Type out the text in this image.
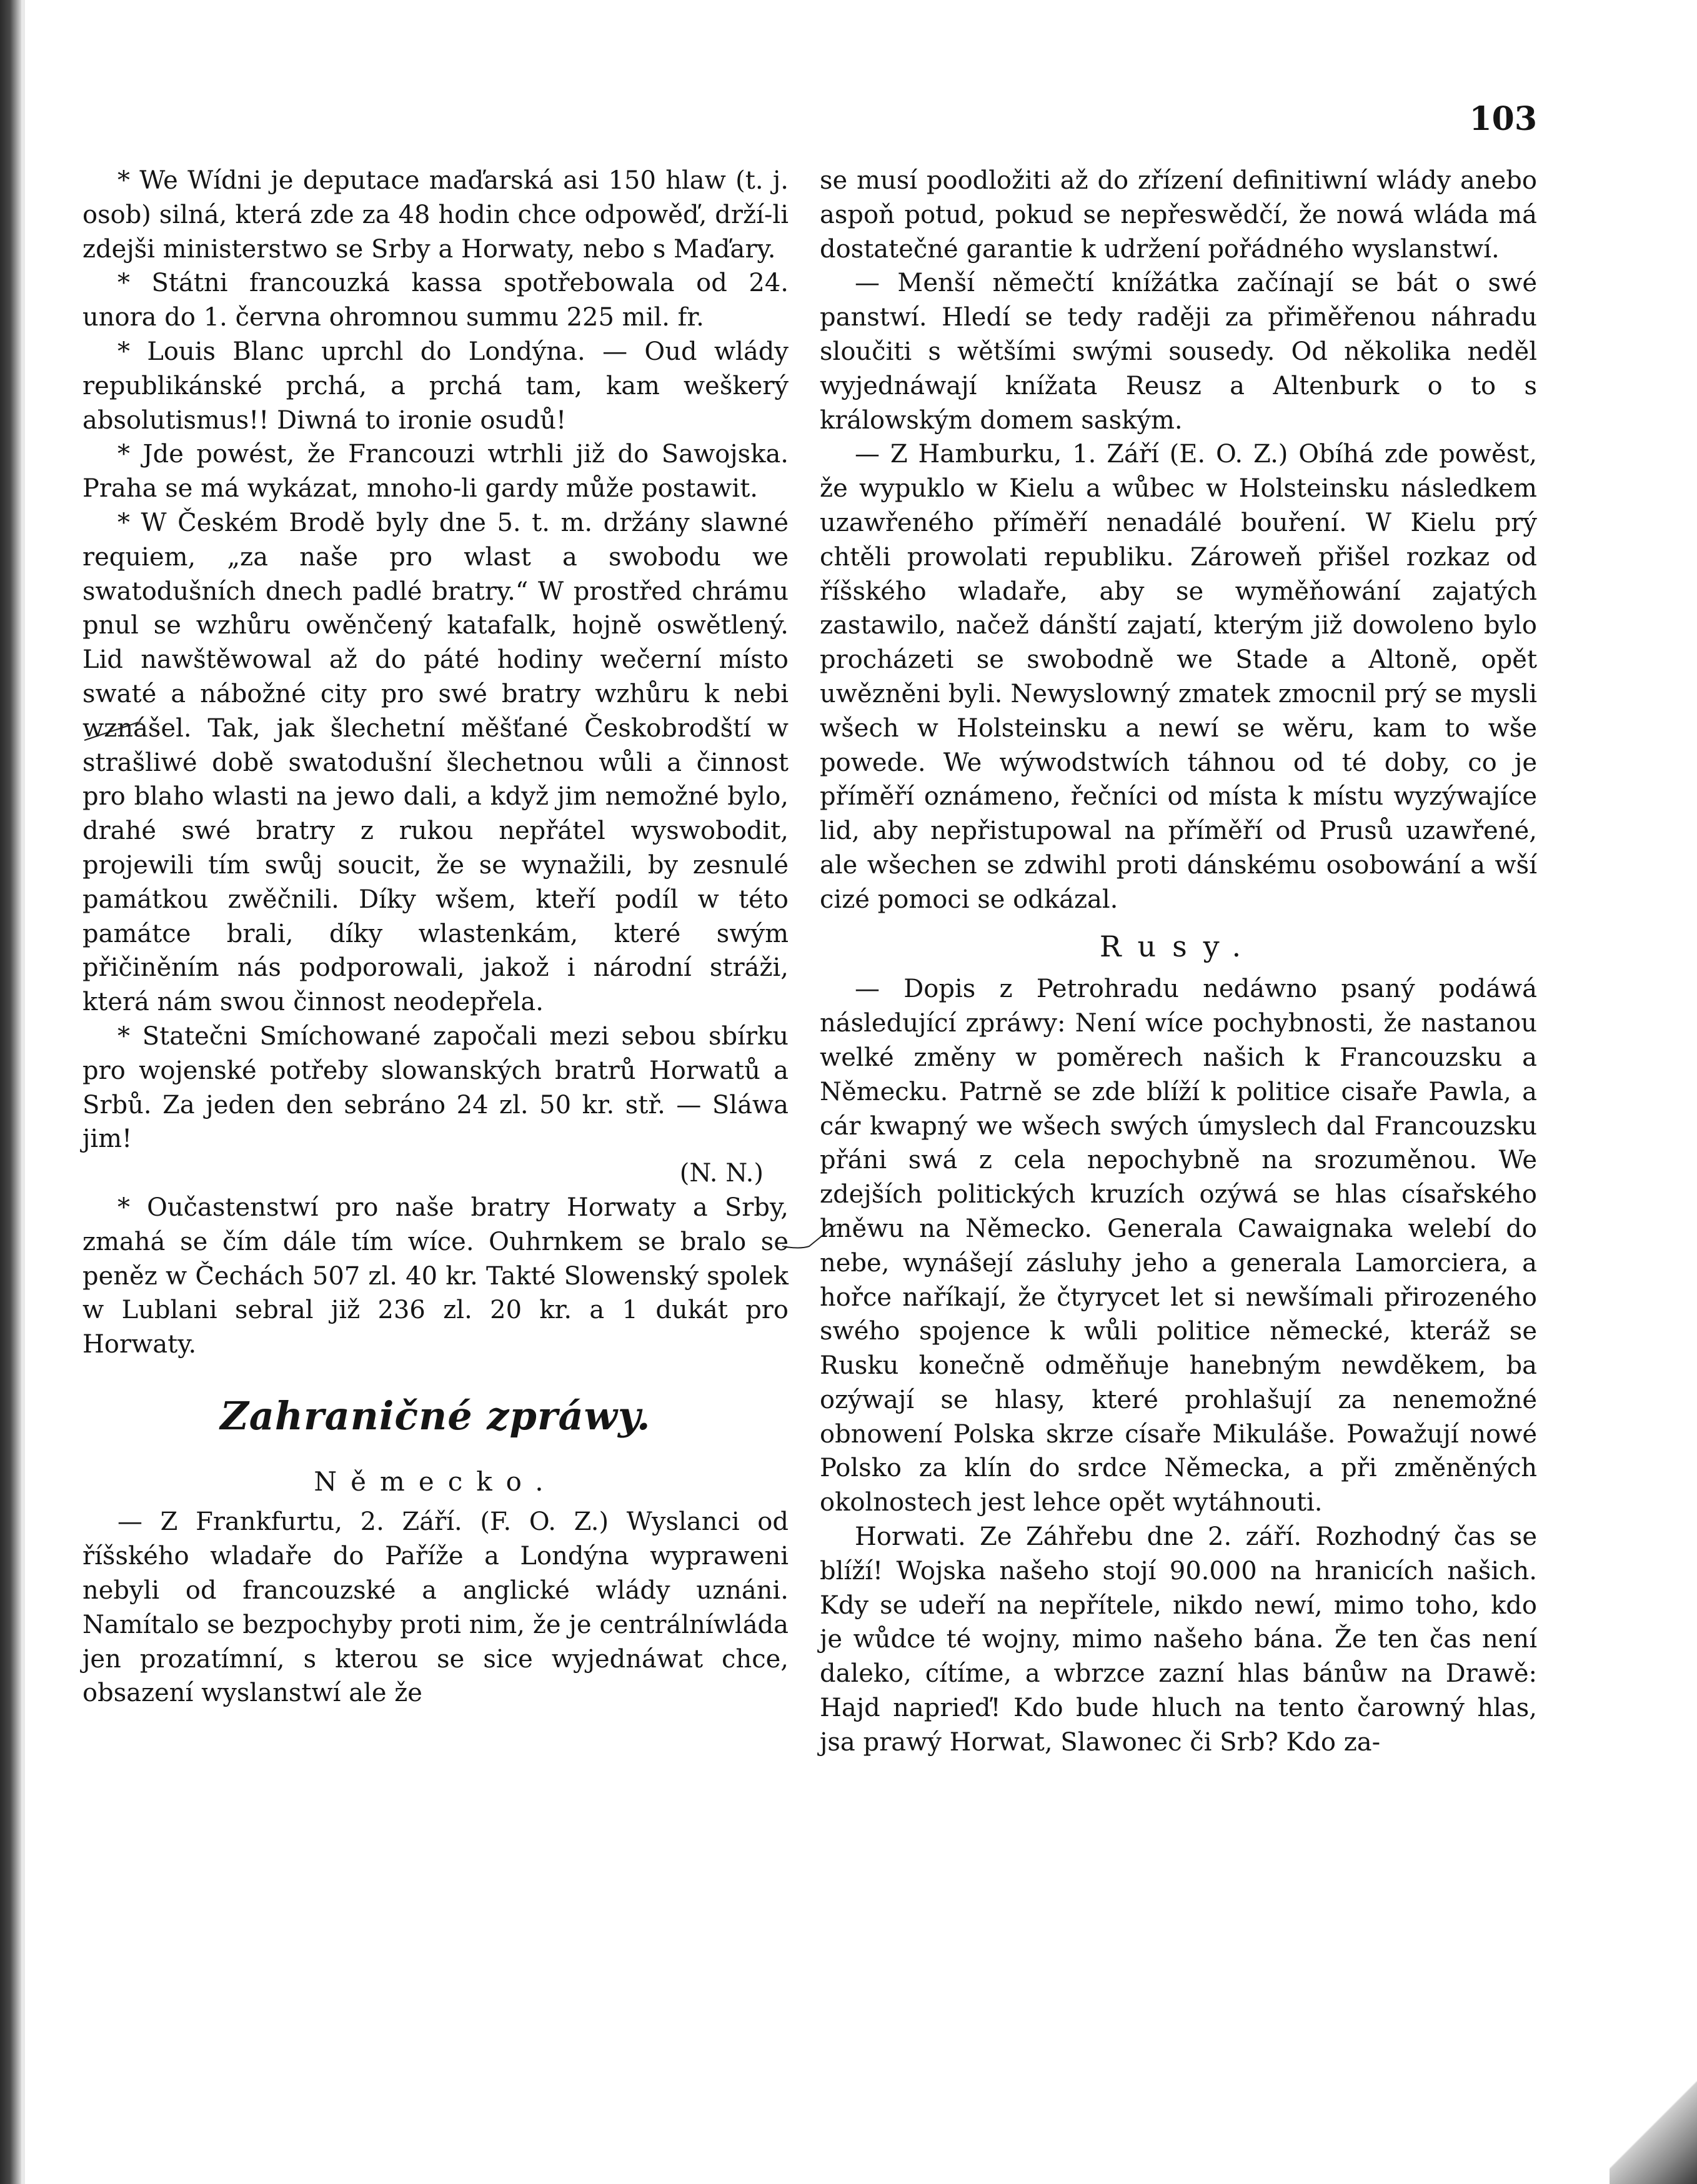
103

* We Wídni je deputace maďarská asi 150 hlaw (t. j. osob) silná, která zde za 48 hodin chce odpowěď, drží-li zdejši ministerstwo se Srby a Horwaty, nebo s Maďary.

* Státni francouzká kassa spotřebowala od 24. unora do 1. června ohromnou summu 225 mil. fr.

* Louis Blanc uprchl do Londýna. — Oud wlády republikánské prchá, a prchá tam, kam weškerý absolutismus!! Diwná to ironie osudů!

* Jde powést, že Francouzi wtrhli již do Sawojska. Praha se má wykázat, mnoho-li gardy může postawit.

* W Českém Brodě byly dne 5. t. m. držány slawné requiem, „za naše pro wlast a swobodu we swatodušních dnech padlé bratry.“ W prostřed chrámu pnul se wzhůru owěnčený katafalk, hojně oswětlený. Lid nawštěwowal až do páté hodiny wečerní místo swaté a nábožné city pro swé bratry wzhůru k nebi wznášel. Tak, jak šlechetní měšťané Českobrodští w strašliwé době swatodušní šlechetnou wůli a činnost pro blaho wlasti na jewo dali, a když jim nemožné bylo, drahé swé bratry z rukou nepřátel wyswobodit, projewili tím swůj soucit, že se wynažili, by zesnulé památkou zwěčnili. Díky wšem, kteří podíl w této památce brali, díky wlastenkám, které swým přičiněním nás podporowali, jakož i národní stráži, která nám swou činnost neodepřela.

* Statečni Smíchowané započali mezi sebou sbírku pro wojenské potřeby slowanských bratrů Horwatů a Srbů. Za jeden den sebráno 24 zl. 50 kr. stř. — Sláwa jim!

(N. N.)

* Oučastenstwí pro naše bratry Horwaty a Srby, zmahá se čím dále tím wíce. Ouhrnkem se bralo se peněz w Čechách 507 zl. 40 kr. Takté Slowenský spolek w Lublani sebral již 236 zl. 20 kr. a 1 dukát pro Horwaty.

Zahraničné zpráwy.

Německo.

— Z Frankfurtu, 2. Září. (F. O. Z.) Wyslanci od říšského wladaře do Paříže a Londýna wypraweni nebyli od francouzské a anglické wlády uznáni. Namítalo se bezpochyby proti nim, že je centrálníwláda jen prozatímní, s kterou se sice wyjednáwat chce, obsazení wyslanstwí ale že

se musí poodložiti až do zřízení definitiwní wlády anebo aspoň potud, pokud se nepřeswědčí, že nowá wláda má dostatečné garantie k udržení pořádného wyslanstwí.

— Menší němečtí knížátka začínají se bát o swé panstwí. Hledí se tedy raději za přiměřenou náhradu sloučiti s wětšími swými sousedy. Od několika neděl wyjednáwají knížata Reusz a Altenburk o to s králowským domem saským.

— Z Hamburku, 1. Září (E. O. Z.) Obíhá zde powěst, že wypuklo w Kielu a wůbec w Holsteinsku následkem uzawřeného příměří nenadálé bouření. W Kielu prý chtěli prowolati republiku. Zároweň přišel rozkaz od říšského wladaře, aby se wyměňowání zajatých zastawilo, načež dánští zajatí, kterým již dowoleno bylo procházeti se swobodně we Stade a Altoně, opět uwězněni byli. Newyslowný zmatek zmocnil prý se mysli wšech w Holsteinsku a newí se wěru, kam to wše powede. We wýwodstwích táhnou od té doby, co je příměří oznámeno, řečníci od místa k místu wyzýwajíce lid, aby nepřistupowal na příměří od Prusů uzawřené, ale wšechen se zdwihl proti dánskému osobowání a wší cizé pomoci se odkázal.

Rusy.

— Dopis z Petrohradu nedáwno psaný podáwá následující zpráwy: Není wíce pochybnosti, že nastanou welké změny w poměrech našich k Francouzsku a Německu. Patrně se zde blíží k politice cisaře Pawla, a cár kwapný we wšech swých úmyslech dal Francouzsku přáni swá z cela nepochybně na srozuměnou. We zdejších politických kruzích ozýwá se hlas císařského hněwu na Německo. Generala Cawaignaka welebí do nebe, wynášejí zásluhy jeho a generala Lamorciera, a hořce naříkají, že čtyrycet let si newšímali přirozeného swého spojence k wůli politice německé, kteráž se Rusku konečně odměňuje hanebným newděkem, ba ozýwají se hlasy, které prohlašují za nenemožné obnowení Polska skrze císaře Mikuláše. Powažují nowé Polsko za klín do srdce Německa, a při změněných okolnostech jest lehce opět wytáhnouti.

Horwati. Ze Záhřebu dne 2. září. Rozhodný čas se blíží! Wojska našeho stojí 90.000 na hranicích našich. Kdy se udeří na nepřítele, nikdo newí, mimo toho, kdo je wůdce té wojny, mimo našeho bána. Že ten čas není daleko, cítíme, a wbrzce zazní hlas bánůw na Drawě: Hajd naprieď! Kdo bude hluch na tento čarowný hlas, jsa prawý Horwat, Slawonec či Srb? Kdo za-
